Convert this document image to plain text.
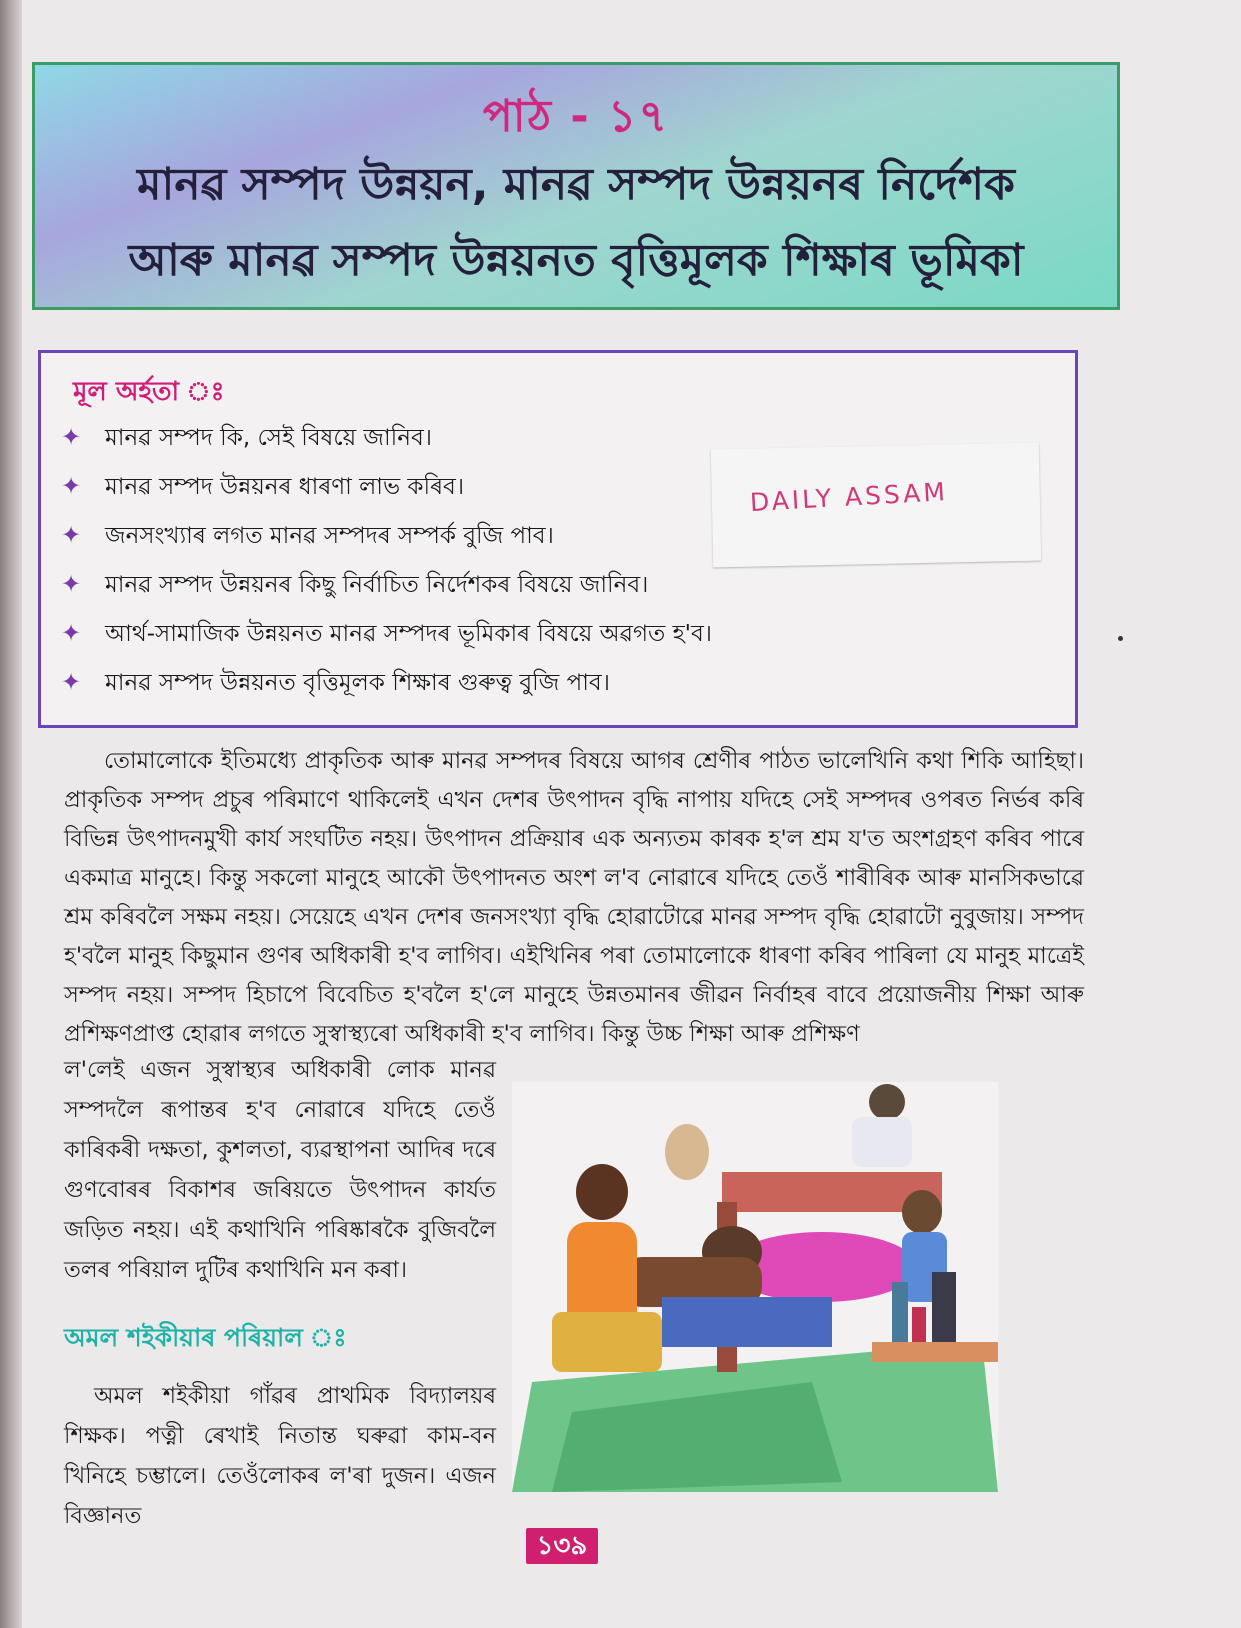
পাঠ - ১৭
মানৱ সম্পদ উন্নয়ন, মানৱ সম্পদ উন্নয়নৰ নিৰ্দেশক
আৰু মানৱ সম্পদ উন্নয়নত বৃত্তিমূলক শিক্ষাৰ ভূমিকা
মূল অৰ্হতা ঃ
✦ মানৱ সম্পদ কি, সেই বিষয়ে জানিব।
✦ মানৱ সম্পদ উন্নয়নৰ ধাৰণা লাভ কৰিব।
✦ জনসংখ্যাৰ লগত মানৱ সম্পদৰ সম্পৰ্ক বুজি পাব।
✦ মানৱ সম্পদ উন্নয়নৰ কিছু নিৰ্বাচিত নিৰ্দেশকৰ বিষয়ে জানিব।
✦ আৰ্থ-সামাজিক উন্নয়নত মানৱ সম্পদৰ ভূমিকাৰ বিষয়ে অৱগত হ'ব।
✦ মানৱ সম্পদ উন্নয়নত বৃত্তিমূলক শিক্ষাৰ গুৰুত্ব বুজি পাব।
DAILY ASSAM
তোমালোকে ইতিমধ্যে প্ৰাকৃতিক আৰু মানৱ সম্পদৰ বিষয়ে আগৰ শ্ৰেণীৰ পাঠত ভালেখিনি কথা শিকি আহিছা। প্ৰাকৃতিক সম্পদ প্ৰচুৰ পৰিমাণে থাকিলেই এখন দেশৰ উৎপাদন বৃদ্ধি নাপায় যদিহে সেই সম্পদৰ ওপৰত নিৰ্ভৰ কৰি বিভিন্ন উৎপাদনমুখী কাৰ্য সংঘটিত নহয়। উৎপাদন প্ৰক্ৰিয়াৰ এক অন্যতম কাৰক হ'ল শ্ৰম য'ত অংশগ্ৰহণ কৰিব পাৰে একমাত্ৰ মানুহে। কিন্তু সকলো মানুহে আকৌ উৎপাদনত অংশ ল'ব নোৱাৰে যদিহে তেওঁ শাৰীৰিক আৰু মানসিকভাৱে শ্ৰম কৰিবলৈ সক্ষম নহয়। সেয়েহে এখন দেশৰ জনসংখ্যা বৃদ্ধি হোৱাটোৱে মানৱ সম্পদ বৃদ্ধি হোৱাটো নুবুজায়। সম্পদ হ'বলৈ মানুহ কিছুমান গুণৰ অধিকাৰী হ'ব লাগিব। এইখিনিৰ পৰা তোমালোকে ধাৰণা কৰিব পাৰিলা যে মানুহ মাত্ৰেই সম্পদ নহয়। সম্পদ হিচাপে বিবেচিত হ'বলৈ হ'লে মানুহে উন্নতমানৰ জীৱন নিৰ্বাহৰ বাবে প্ৰয়োজনীয় শিক্ষা আৰু প্ৰশিক্ষণপ্ৰাপ্ত হোৱাৰ লগতে সুস্বাস্থ্যৰো অধিকাৰী হ'ব লাগিব। কিন্তু উচ্চ শিক্ষা আৰু প্ৰশিক্ষণ
ল'লেই এজন সুস্বাস্থ্যৰ অধিকাৰী লোক মানৱ সম্পদলৈ ৰূপান্তৰ হ'ব নোৱাৰে যদিহে তেওঁ কাৰিকৰী দক্ষতা, কুশলতা, ব্যৱস্থাপনা আদিৰ দৰে গুণবোৰৰ বিকাশৰ জৰিয়তে উৎপাদন কাৰ্যত জড়িত নহয়। এই কথাখিনি পৰিষ্কাৰকৈ বুজিবলৈ তলৰ পৰিয়াল দুটিৰ কথাখিনি মন কৰা।
অমল শইকীয়াৰ পৰিয়াল ঃ
অমল শইকীয়া গাঁৱৰ প্ৰাথমিক বিদ্যালয়ৰ শিক্ষক। পত্নী ৰেখাই নিতান্ত ঘৰুৱা কাম-বন খিনিহে চম্ভালে। তেওঁলোকৰ ল'ৰা দুজন। এজন বিজ্ঞানত
১৩৯
